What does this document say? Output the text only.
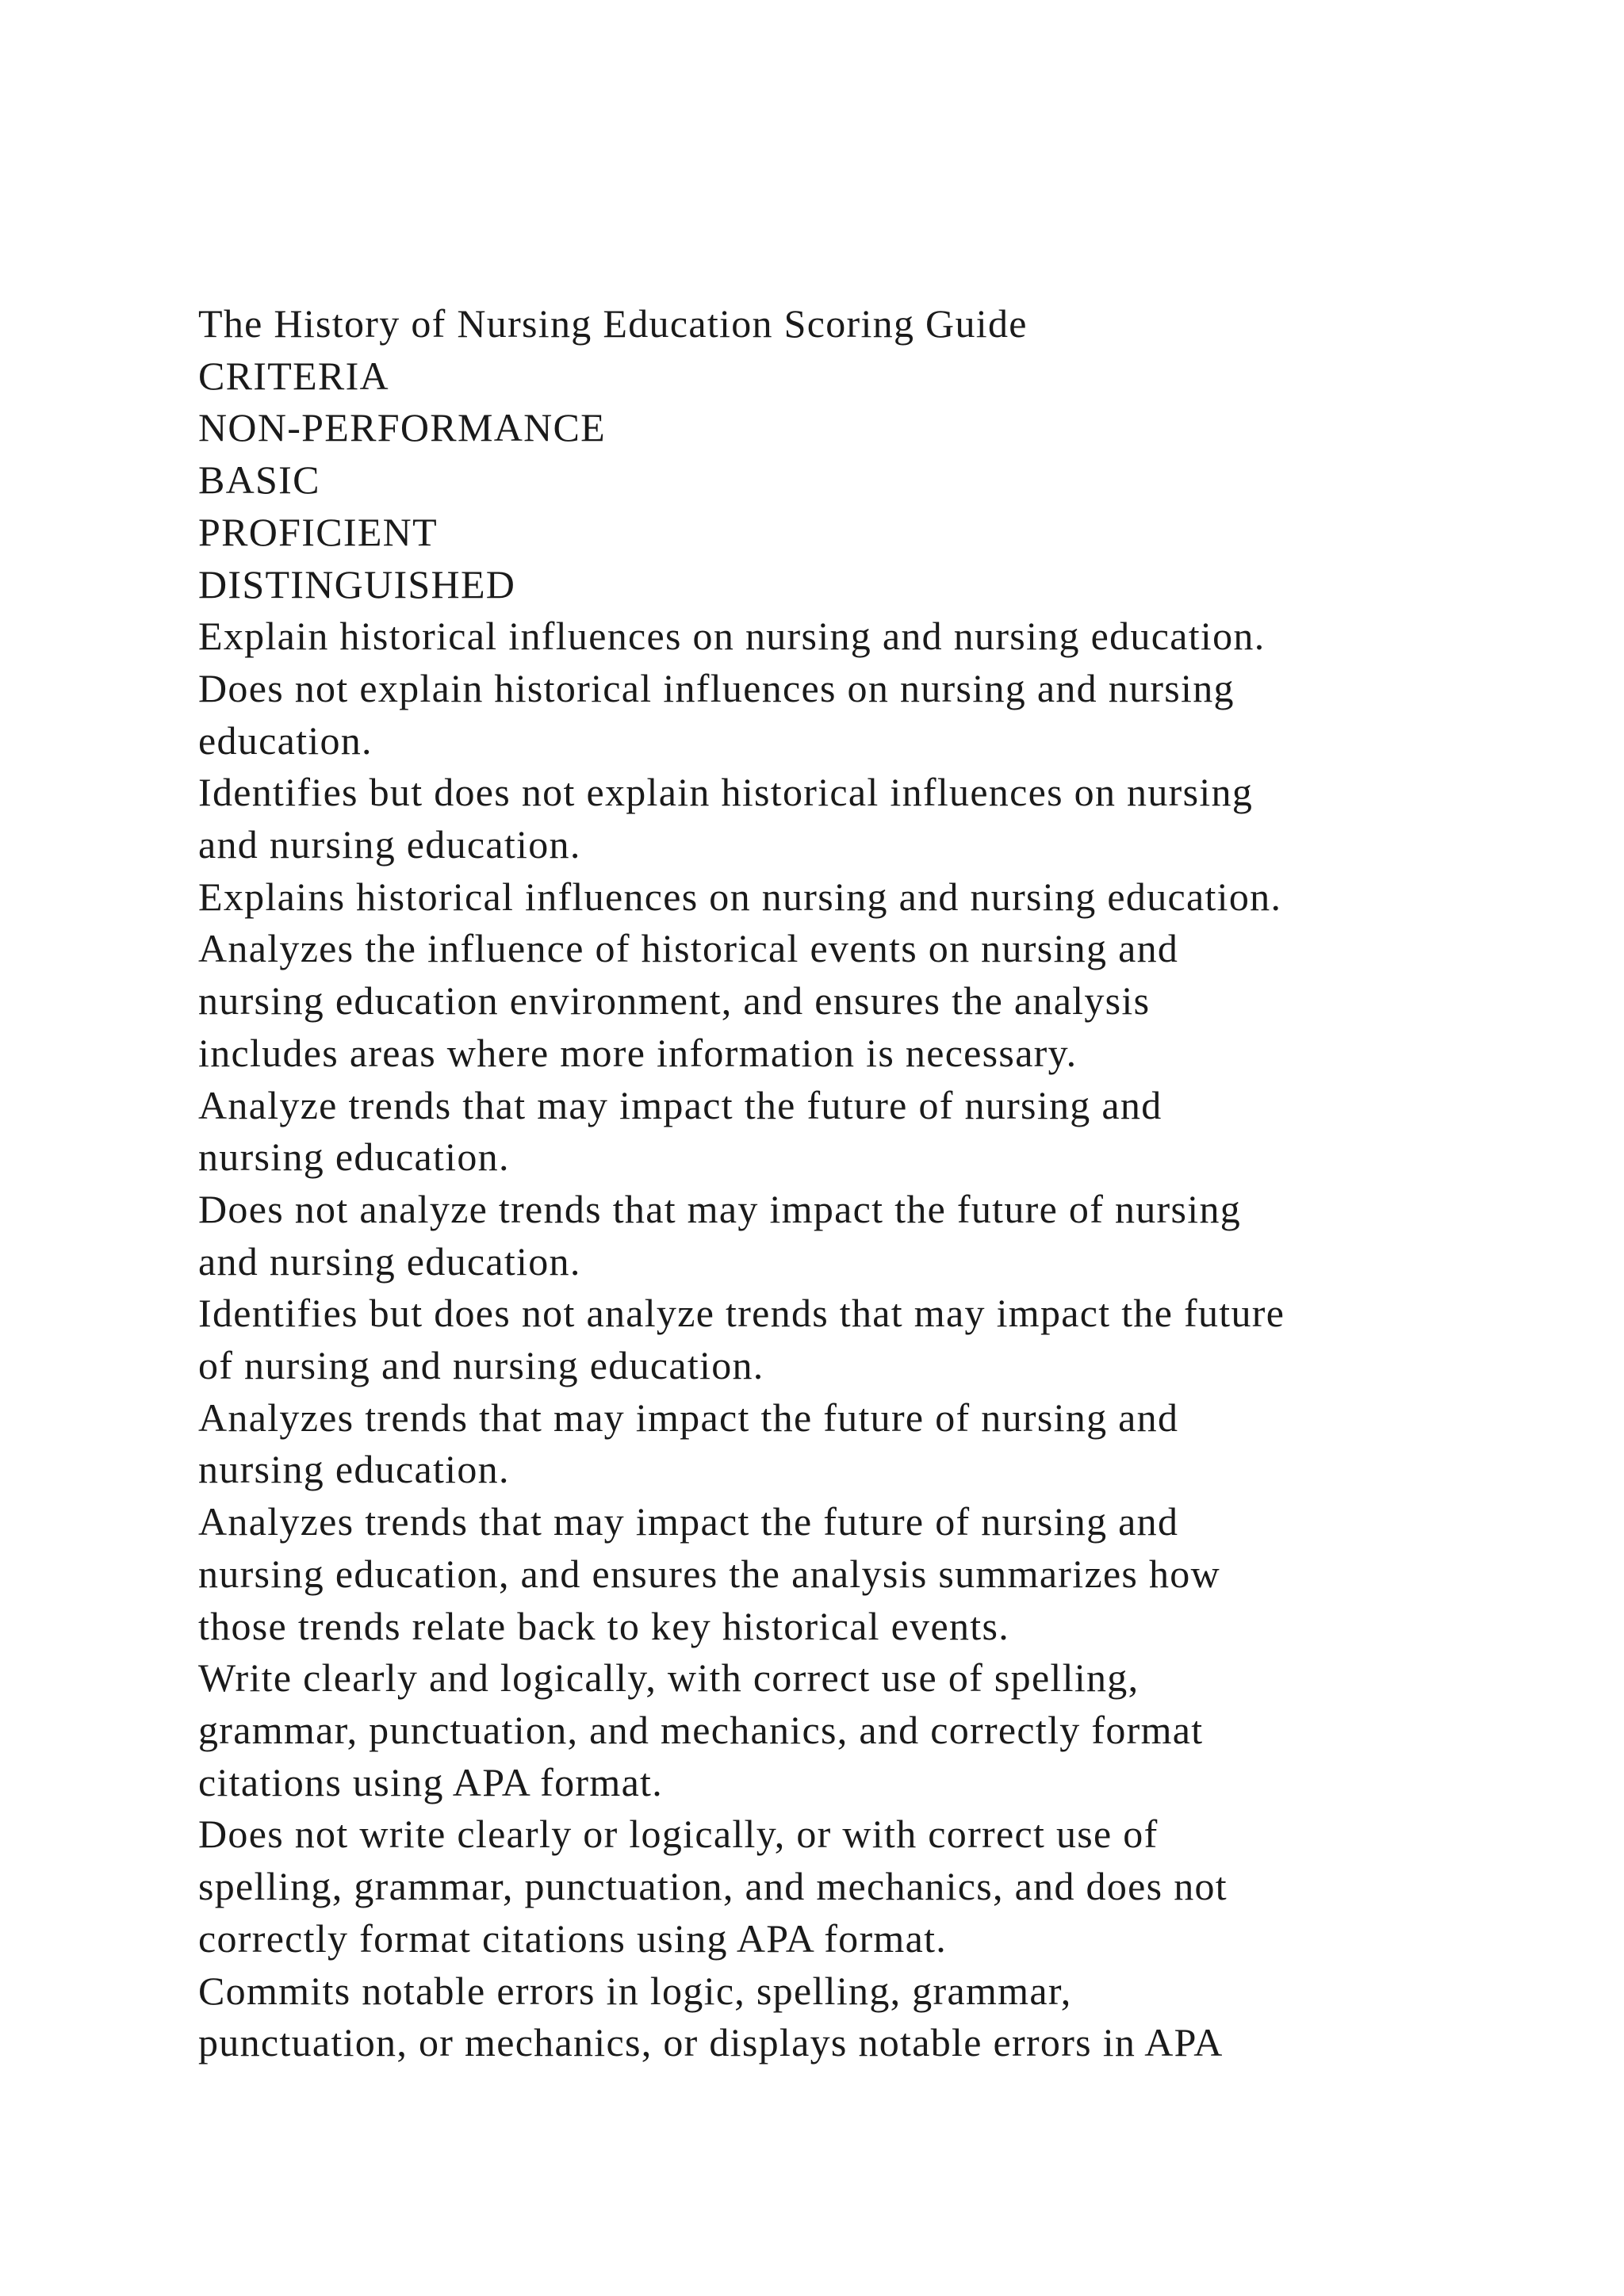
The History of Nursing Education Scoring Guide
CRITERIA
NON-PERFORMANCE
BASIC
PROFICIENT
DISTINGUISHED
Explain historical influences on nursing and nursing education.
Does not explain historical influences on nursing and nursing
education.
Identifies but does not explain historical influences on nursing
and nursing education.
Explains historical influences on nursing and nursing education.
Analyzes the influence of historical events on nursing and
nursing education environment, and ensures the analysis
includes areas where more information is necessary.
Analyze trends that may impact the future of nursing and
nursing education.
Does not analyze trends that may impact the future of nursing
and nursing education.
Identifies but does not analyze trends that may impact the future
of nursing and nursing education.
Analyzes trends that may impact the future of nursing and
nursing education.
Analyzes trends that may impact the future of nursing and
nursing education, and ensures the analysis summarizes how
those trends relate back to key historical events.
Write clearly and logically, with correct use of spelling,
grammar, punctuation, and mechanics, and correctly format
citations using APA format.
Does not write clearly or logically, or with correct use of
spelling, grammar, punctuation, and mechanics, and does not
correctly format citations using APA format.
Commits notable errors in logic, spelling, grammar,
punctuation, or mechanics, or displays notable errors in APA
